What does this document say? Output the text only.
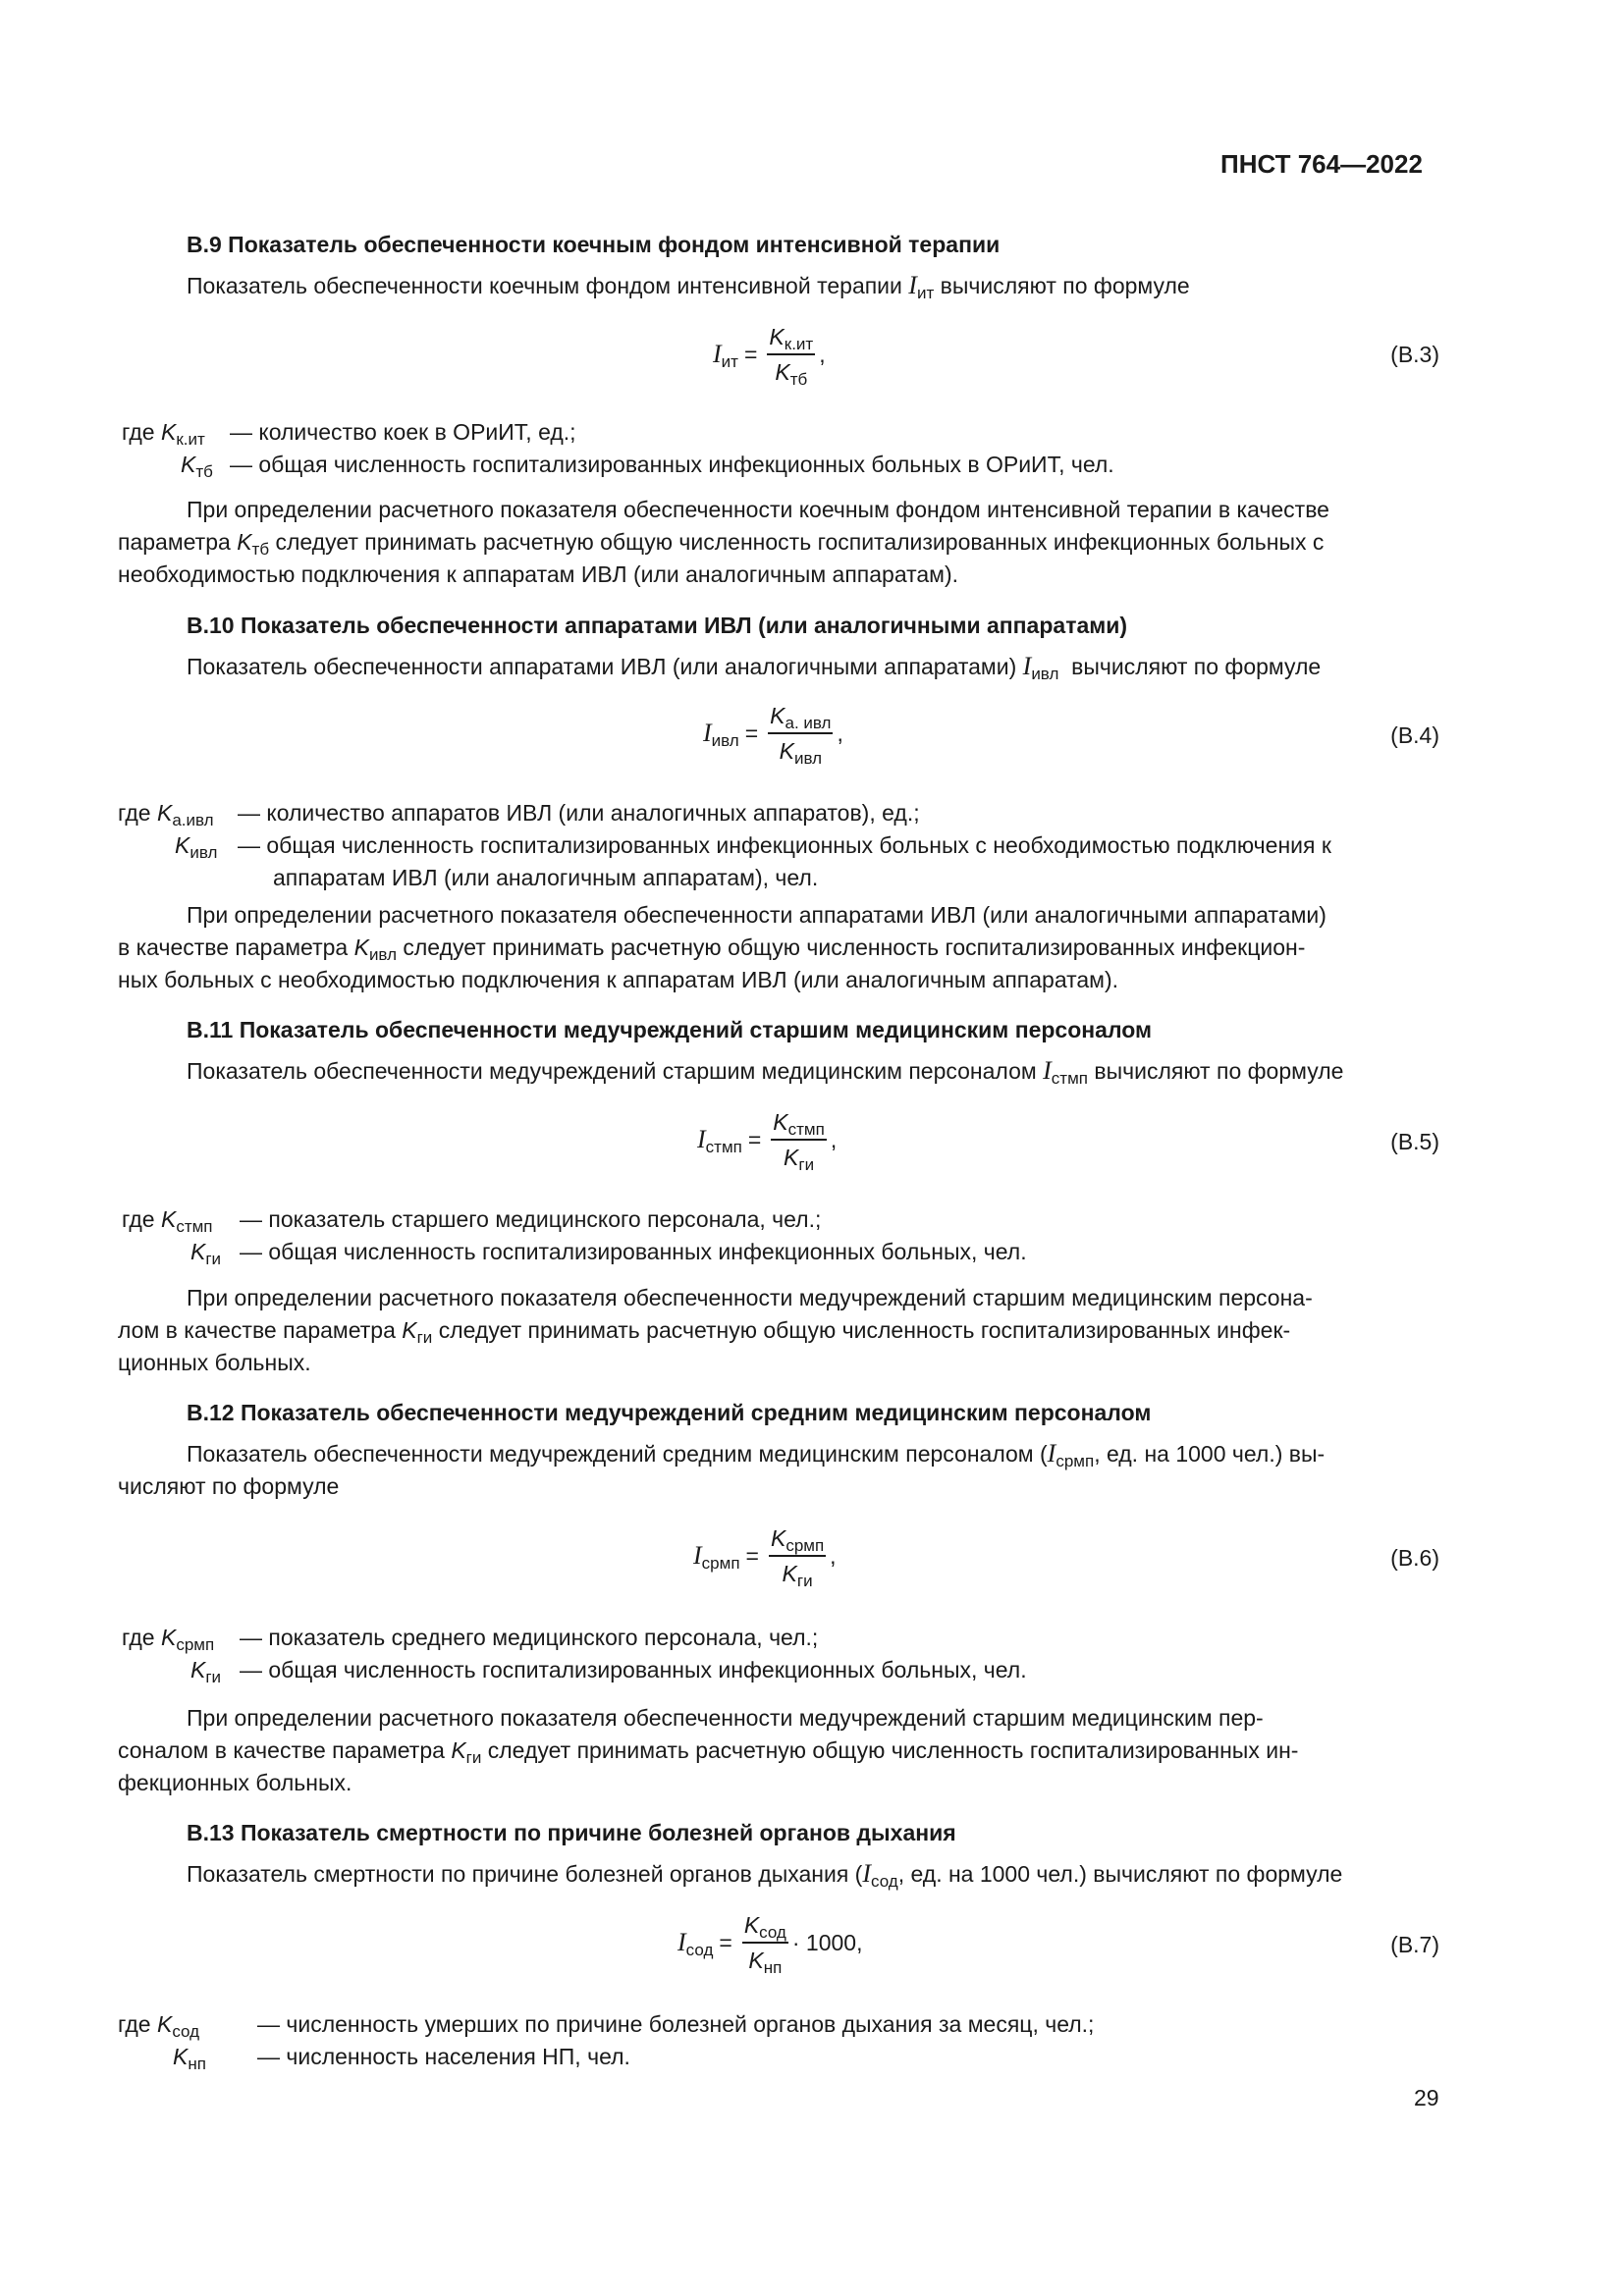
ПНСТ 764—2022
В.9 Показатель обеспеченности коечным фондом интенсивной терапии
Показатель обеспеченности коечным фондом интенсивной терапии $I_{ит}$ вычисляют по формуле
$I_{ит} = \frac{K_{к.ит}}{K_{тб}}$ ,	(В.3)
где $K_{к.ит}$ — количество коек в ОРиИТ, ед.;
$K_{тб}$ — общая численность госпитализированных инфекционных больных в ОРиИТ, чел.
При определении расчетного показателя обеспеченности коечным фондом интенсивной терапии в качестве
параметра $K_{тб}$ следует принимать расчетную общую численность госпитализированных инфекционных больных с
необходимостью подключения к аппаратам ИВЛ (или аналогичным аппаратам).
В.10 Показатель обеспеченности аппаратами ИВЛ (или аналогичными аппаратами)
Показатель обеспеченности аппаратами ИВЛ (или аналогичными аппаратами) $I_{ивл}$ вычисляют по формуле
$I_{ивл} = \frac{K_{а. ивл}}{K_{ивл}}$ ,	(В.4)
где $K_{а.ивл}$ — количество аппаратов ИВЛ (или аналогичных аппаратов), ед.;
$K_{ивл}$ — общая численность госпитализированных инфекционных больных с необходимостью подключения к
аппаратам ИВЛ (или аналогичным аппаратам), чел.
При определении расчетного показателя обеспеченности аппаратами ИВЛ (или аналогичными аппаратами)
в качестве параметра $K_{ивл}$ следует принимать расчетную общую численность госпитализированных инфекцион-
ных больных с необходимостью подключения к аппаратам ИВЛ (или аналогичным аппаратам).
В.11 Показатель обеспеченности медучреждений старшим медицинским персоналом
Показатель обеспеченности медучреждений старшим медицинским персоналом $I_{стмп}$ вычисляют по формуле
$I_{стмп} = \frac{K_{стмп}}{K_{ги}}$ ,	(В.5)
где $K_{стмп}$ — показатель старшего медицинского персонала, чел.;
$K_{ги}$ — общая численность госпитализированных инфекционных больных, чел.
При определении расчетного показателя обеспеченности медучреждений старшим медицинским персона-
лом в качестве параметра $K_{ги}$ следует принимать расчетную общую численность госпитализированных инфек-
ционных больных.
В.12 Показатель обеспеченности медучреждений средним медицинским персоналом
Показатель обеспеченности медучреждений средним медицинским персоналом ($I_{срмп}$, ед. на 1000 чел.) вы-
числяют по формуле
$I_{срмп} = \frac{K_{срмп}}{K_{ги}}$ ,	(В.6)
где $K_{срмп}$ — показатель среднего медицинского персонала, чел.;
$K_{ги}$ — общая численность госпитализированных инфекционных больных, чел.
При определении расчетного показателя обеспеченности медучреждений старшим медицинским пер-
соналом в качестве параметра $K_{ги}$ следует принимать расчетную общую численность госпитализированных ин-
фекционных больных.
В.13 Показатель смертности по причине болезней органов дыхания
Показатель смертности по причине болезней органов дыхания ($I_{сод}$, ед. на 1000 чел.) вычисляют по формуле
$I_{сод} = \frac{K_{сод}}{K_{нп}} \cdot 1000$,	(В.7)
где $K_{сод}$	— численность умерших по причине болезней органов дыхания за месяц, чел.;
$K_{нп}$ — численность населения НП, чел.
29
